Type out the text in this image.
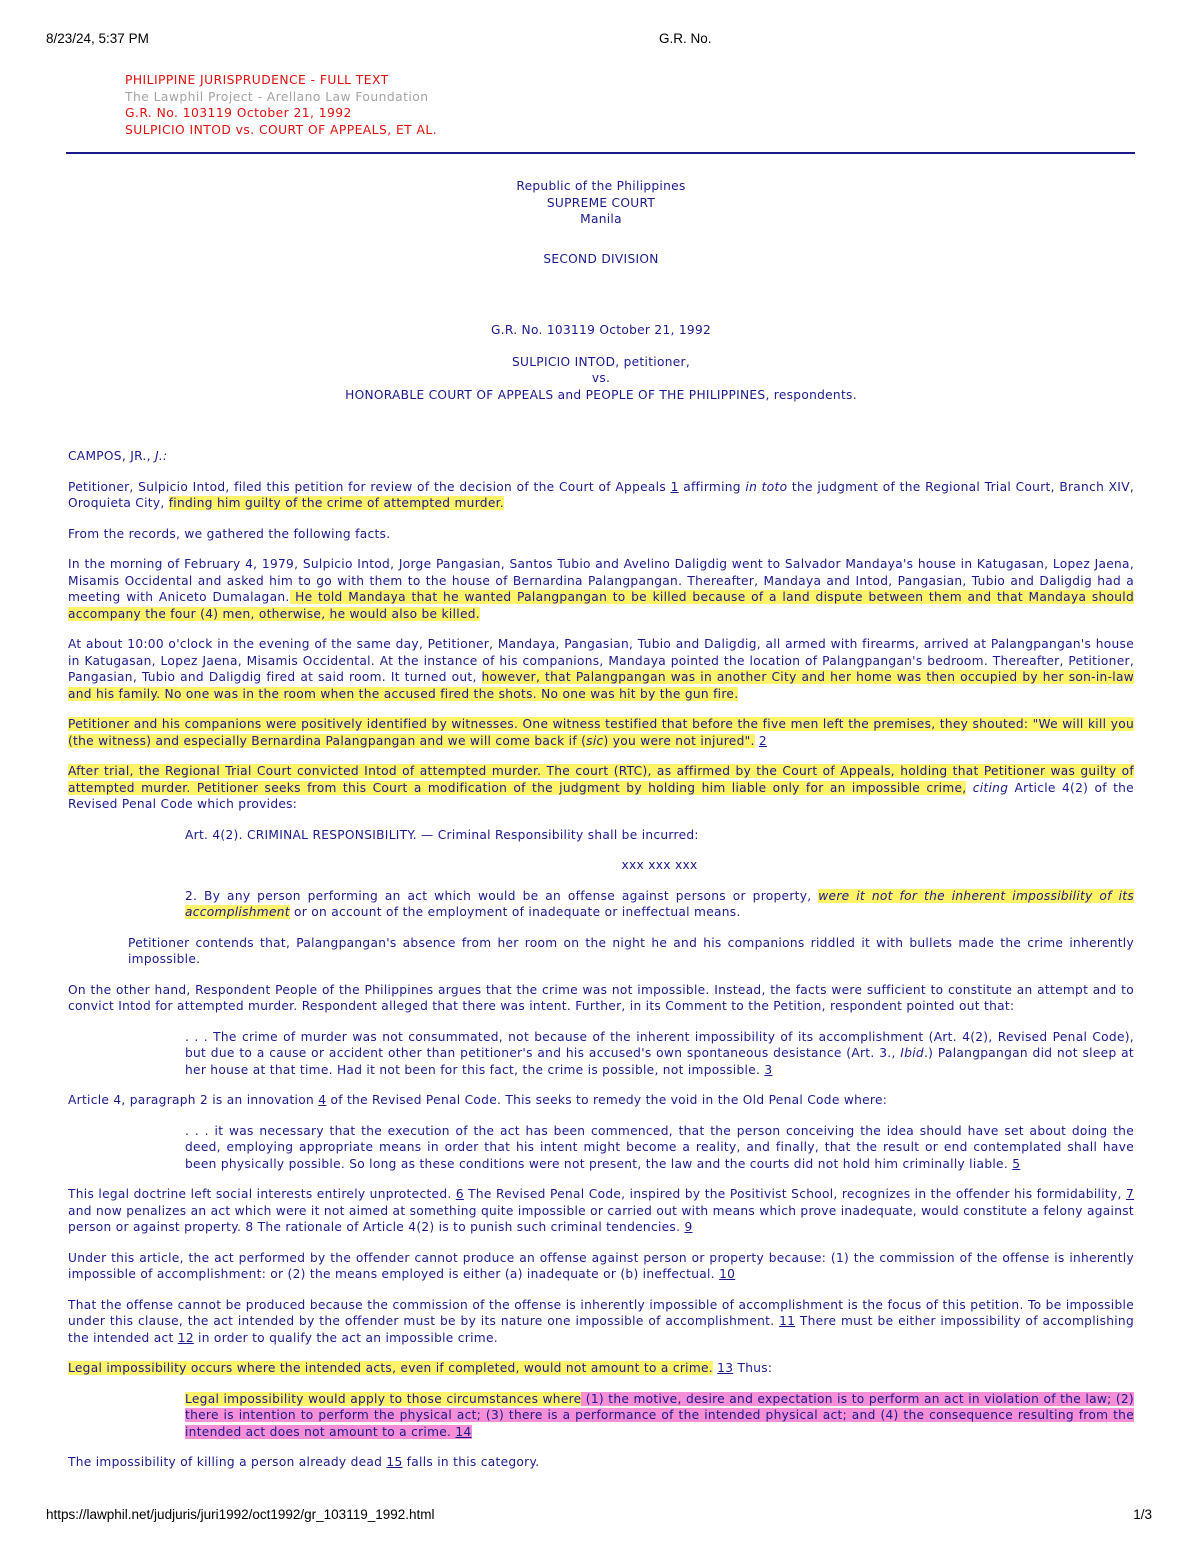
8/23/24, 5:37 PM	G.R. No.
PHILIPPINE JURISPRUDENCE - FULL TEXT
The Lawphil Project - Arellano Law Foundation
G.R. No. 103119 October 21, 1992
SULPICIO INTOD vs. COURT OF APPEALS, ET AL.
Republic of the Philippines
SUPREME COURT
Manila
SECOND DIVISION
G.R. No. 103119 October 21, 1992
SULPICIO INTOD, petitioner,
vs.
HONORABLE COURT OF APPEALS and PEOPLE OF THE PHILIPPINES, respondents.

CAMPOS, JR., J.:

Petitioner, Sulpicio Intod, filed this petition for review of the decision of the Court of Appeals 1 affirming in toto the judgment of the Regional Trial Court, Branch XIV, Oroquieta City, finding him guilty of the crime of attempted murder.

From the records, we gathered the following facts.

In the morning of February 4, 1979, Sulpicio Intod, Jorge Pangasian, Santos Tubio and Avelino Daligdig went to Salvador Mandaya's house in Katugasan, Lopez Jaena, Misamis Occidental and asked him to go with them to the house of Bernardina Palangpangan. Thereafter, Mandaya and Intod, Pangasian, Tubio and Daligdig had a meeting with Aniceto Dumalagan. He told Mandaya that he wanted Palangpangan to be killed because of a land dispute between them and that Mandaya should accompany the four (4) men, otherwise, he would also be killed.

At about 10:00 o'clock in the evening of the same day, Petitioner, Mandaya, Pangasian, Tubio and Daligdig, all armed with firearms, arrived at Palangpangan's house in Katugasan, Lopez Jaena, Misamis Occidental. At the instance of his companions, Mandaya pointed the location of Palangpangan's bedroom. Thereafter, Petitioner, Pangasian, Tubio and Daligdig fired at said room. It turned out, however, that Palangpangan was in another City and her home was then occupied by her son-in-law and his family. No one was in the room when the accused fired the shots. No one was hit by the gun fire.

Petitioner and his companions were positively identified by witnesses. One witness testified that before the five men left the premises, they shouted: "We will kill you (the witness) and especially Bernardina Palangpangan and we will come back if (sic) you were not injured". 2

After trial, the Regional Trial Court convicted Intod of attempted murder. The court (RTC), as affirmed by the Court of Appeals, holding that Petitioner was guilty of attempted murder. Petitioner seeks from this Court a modification of the judgment by holding him liable only for an impossible crime, citing Article 4(2) of the Revised Penal Code which provides:

Art. 4(2). CRIMINAL RESPONSIBILITY. — Criminal Responsibility shall be incurred:

xxx xxx xxx

2. By any person performing an act which would be an offense against persons or property, were it not for the inherent impossibility of its accomplishment or on account of the employment of inadequate or ineffectual means.

Petitioner contends that, Palangpangan's absence from her room on the night he and his companions riddled it with bullets made the crime inherently impossible.

On the other hand, Respondent People of the Philippines argues that the crime was not impossible. Instead, the facts were sufficient to constitute an attempt and to convict Intod for attempted murder. Respondent alleged that there was intent. Further, in its Comment to the Petition, respondent pointed out that:

. . . The crime of murder was not consummated, not because of the inherent impossibility of its accomplishment (Art. 4(2), Revised Penal Code), but due to a cause or accident other than petitioner's and his accused's own spontaneous desistance (Art. 3., Ibid.) Palangpangan did not sleep at her house at that time. Had it not been for this fact, the crime is possible, not impossible. 3

Article 4, paragraph 2 is an innovation 4 of the Revised Penal Code. This seeks to remedy the void in the Old Penal Code where:

. . . it was necessary that the execution of the act has been commenced, that the person conceiving the idea should have set about doing the deed, employing appropriate means in order that his intent might become a reality, and finally, that the result or end contemplated shall have been physically possible. So long as these conditions were not present, the law and the courts did not hold him criminally liable. 5

This legal doctrine left social interests entirely unprotected. 6 The Revised Penal Code, inspired by the Positivist School, recognizes in the offender his formidability, 7 and now penalizes an act which were it not aimed at something quite impossible or carried out with means which prove inadequate, would constitute a felony against person or against property. 8 The rationale of Article 4(2) is to punish such criminal tendencies. 9

Under this article, the act performed by the offender cannot produce an offense against person or property because: (1) the commission of the offense is inherently impossible of accomplishment: or (2) the means employed is either (a) inadequate or (b) ineffectual. 10

That the offense cannot be produced because the commission of the offense is inherently impossible of accomplishment is the focus of this petition. To be impossible under this clause, the act intended by the offender must be by its nature one impossible of accomplishment. 11 There must be either impossibility of accomplishing the intended act 12 in order to qualify the act an impossible crime.

Legal impossibility occurs where the intended acts, even if completed, would not amount to a crime. 13 Thus:

Legal impossibility would apply to those circumstances where (1) the motive, desire and expectation is to perform an act in violation of the law; (2) there is intention to perform the physical act; (3) there is a performance of the intended physical act; and (4) the consequence resulting from the intended act does not amount to a crime. 14

The impossibility of killing a person already dead 15 falls in this category.

https://lawphil.net/judjuris/juri1992/oct1992/gr_103119_1992.html	1/3
